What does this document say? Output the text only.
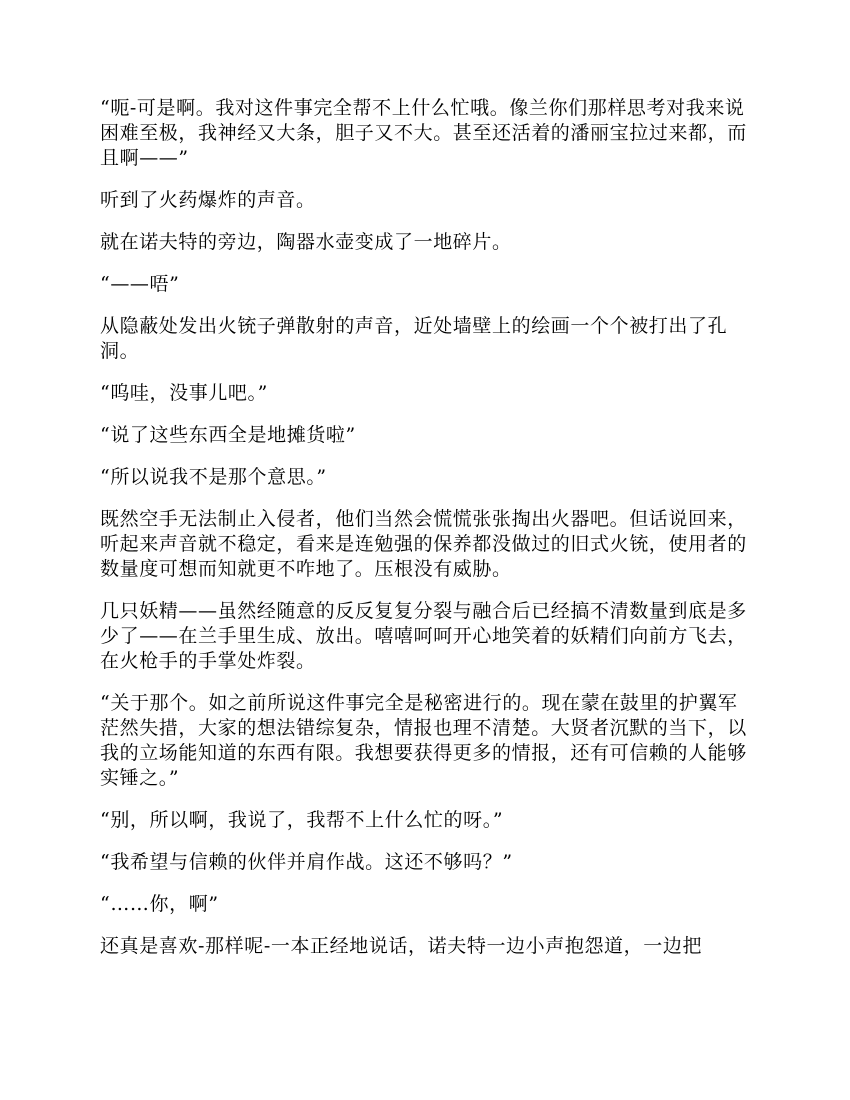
“呃-可是啊。我对这件事完全帮不上什么忙哦。像兰你们那样思考对我来说困难至极，我神经又大条，胆子又不大。甚至还活着的潘丽宝拉过来都，而且啊——”

听到了火药爆炸的声音。

就在诺夫特的旁边，陶器水壶变成了一地碎片。

“——唔”

从隐蔽处发出火铳子弹散射的声音，近处墙壁上的绘画一个个被打出了孔洞。

“呜哇，没事儿吧。”

“说了这些东西全是地摊货啦”

“所以说我不是那个意思。”

既然空手无法制止入侵者，他们当然会慌慌张张掏出火器吧。但话说回来，听起来声音就不稳定，看来是连勉强的保养都没做过的旧式火铳，使用者的数量度可想而知就更不咋地了。压根没有威胁。

几只妖精——虽然经随意的反反复复分裂与融合后已经搞不清数量到底是多少了——在兰手里生成、放出。嘻嘻呵呵开心地笑着的妖精们向前方飞去，在火枪手的手掌处炸裂。

“关于那个。如之前所说这件事完全是秘密进行的。现在蒙在鼓里的护翼军茫然失措，大家的想法错综复杂，情报也理不清楚。大贤者沉默的当下，以我的立场能知道的东西有限。我想要获得更多的情报，还有可信赖的人能够实锤之。”

“别，所以啊，我说了，我帮不上什么忙的呀。”

“我希望与信赖的伙伴并肩作战。这还不够吗？”

“……你，啊”

还真是喜欢-那样呢-一本正经地说话，诺夫特一边小声抱怨道，一边把
